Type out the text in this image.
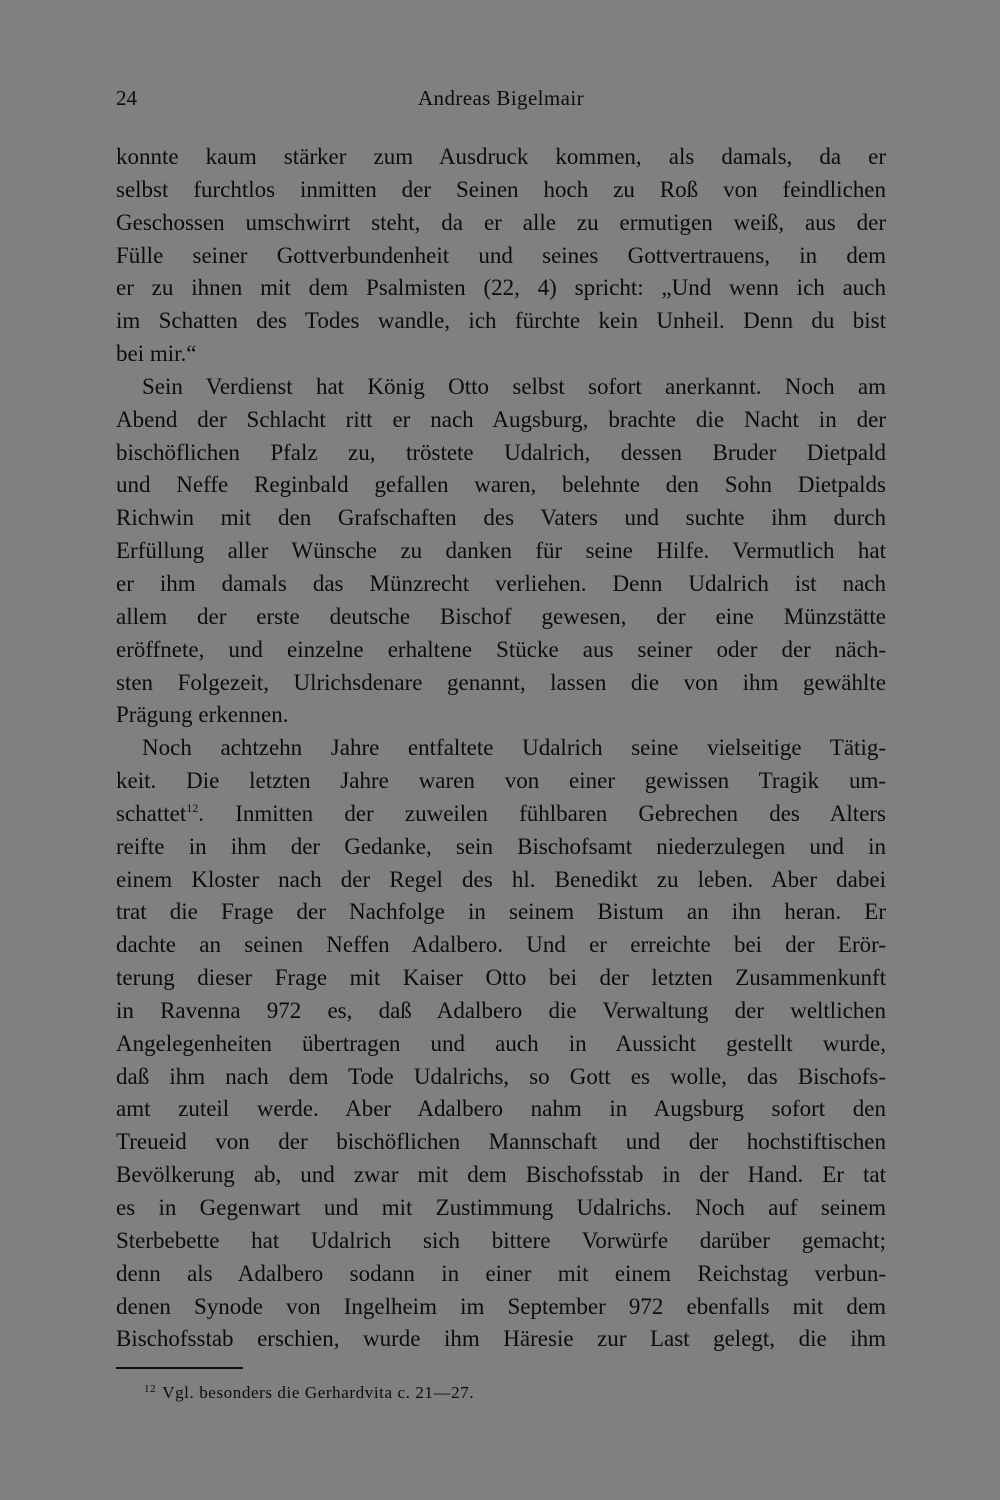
24	Andreas Bigelmair
konnte kaum stärker zum Ausdruck kommen, als damals, da er
selbst furchtlos inmitten der Seinen hoch zu Roß von feindlichen
Geschossen umschwirrt steht, da er alle zu ermutigen weiß, aus der
Fülle seiner Gottverbundenheit und seines Gottvertrauens, in dem
er zu ihnen mit dem Psalmisten (22, 4) spricht: „Und wenn ich auch
im Schatten des Todes wandle, ich fürchte kein Unheil. Denn du bist
bei mir.“
Sein Verdienst hat König Otto selbst sofort anerkannt. Noch am
Abend der Schlacht ritt er nach Augsburg, brachte die Nacht in der
bischöflichen Pfalz zu, tröstete Udalrich, dessen Bruder Dietpald
und Neffe Reginbald gefallen waren, belehnte den Sohn Dietpalds
Richwin mit den Grafschaften des Vaters und suchte ihm durch
Erfüllung aller Wünsche zu danken für seine Hilfe. Vermutlich hat
er ihm damals das Münzrecht verliehen. Denn Udalrich ist nach
allem der erste deutsche Bischof gewesen, der eine Münzstätte
eröffnete, und einzelne erhaltene Stücke aus seiner oder der näch-
sten Folgezeit, Ulrichsdenare genannt, lassen die von ihm gewählte
Prägung erkennen.
Noch achtzehn Jahre entfaltete Udalrich seine vielseitige Tätig-
keit. Die letzten Jahre waren von einer gewissen Tragik um-
schattet$^{12}$. Inmitten der zuweilen fühlbaren Gebrechen des Alters
reifte in ihm der Gedanke, sein Bischofsamt niederzulegen und in
einem Kloster nach der Regel des hl. Benedikt zu leben. Aber dabei
trat die Frage der Nachfolge in seinem Bistum an ihn heran. Er
dachte an seinen Neffen Adalbero. Und er erreichte bei der Erör-
terung dieser Frage mit Kaiser Otto bei der letzten Zusammenkunft
in Ravenna 972 es, daß Adalbero die Verwaltung der weltlichen
Angelegenheiten übertragen und auch in Aussicht gestellt wurde,
daß ihm nach dem Tode Udalrichs, so Gott es wolle, das Bischofs-
amt zuteil werde. Aber Adalbero nahm in Augsburg sofort den
Treueid von der bischöflichen Mannschaft und der hochstiftischen
Bevölkerung ab, und zwar mit dem Bischofsstab in der Hand. Er tat
es in Gegenwart und mit Zustimmung Udalrichs. Noch auf seinem
Sterbebette hat Udalrich sich bittere Vorwürfe darüber gemacht;
denn als Adalbero sodann in einer mit einem Reichstag verbun-
denen Synode von Ingelheim im September 972 ebenfalls mit dem
Bischofsstab erschien, wurde ihm Häresie zur Last gelegt, die ihm
$^{12}$ Vgl. besonders die Gerhardvita c. 21—27.
